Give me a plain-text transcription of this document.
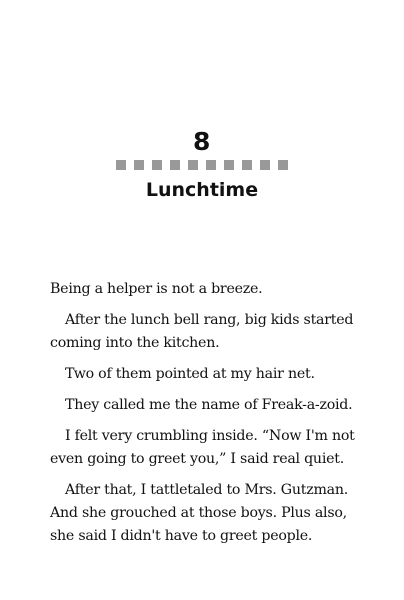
8
Lunchtime

Being a helper is not a breeze.

After the lunch bell rang, big kids started coming into the kitchen.

Two of them pointed at my hair net.

They called me the name of Freak-a-zoid.

I felt very crumbling inside. “Now I'm not even going to greet you,” I said real quiet.

After that, I tattletaled to Mrs. Gutzman. And she grouched at those boys. Plus also, she said I didn't have to greet people.
